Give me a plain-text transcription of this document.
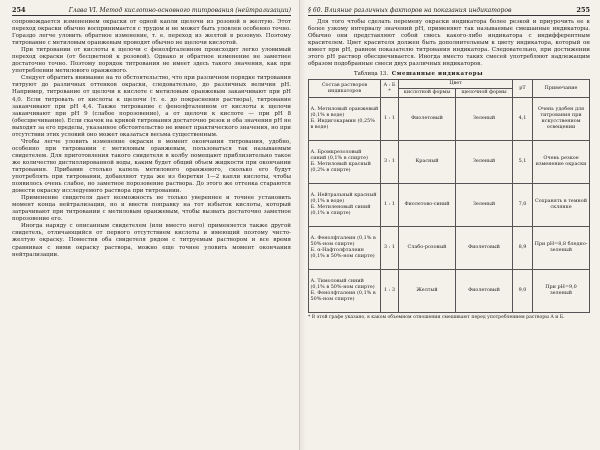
254	Глава VI. Метод кислотно-основного титрования (нейтрализации)

сопровождается изменением окраски от одной капли щелочи из розовой в желтую. Этот переход окраски обычно воспринимается с трудом и не может быть уловлен особенно точно. Гораздо легче уловить обратное изменение, т. е. переход из желтой в розовую. Поэтому титрование с метиловым оранжевым проводят обычно не щелочи кислотой.

При титровании от кислоты к щелочи с фенолфталеином происходит легко уловимый переход окраски (от бесцветной к розовой). Однако и обратное изменение не заметнее достаточно точно. Поэтому порядок титрования не имеет здесь такого значения, как при употреблении метилового оранжевого.

Следует обратить внимание на то обстоятельство, что при различном порядке титрования титруют до различных оттенков окраски, следовательно, до различных величин pH. Например, титрование от щелочи к кислоте с метиловым оранжевым заканчивают при pH 4,0. Если титровать от кислоты к щелочи (т. е. до покраснения раствора), титрование заканчивают при pH 4,4. Также титрование с фенолфталеином от кислоты к щелочи заканчивают при pH 9 (слабое порозовение), а от щелочи к кислоте — при pH 8 (обесцвечивание). Если скачок на кривой титрования достаточно резок и оба значения pH не выходят за его пределы, указанное обстоятельство не имеет практического значения, но при отсутствии этих условий оно может оказаться весьма существенным.

Чтобы легче уловить изменение окраски в момент окончания титрования, удобно, особенно при титровании с метиловым оранжевым, пользоваться так называемым свидетелем. Для приготовления такого свидетеля в колбу помещают приблизительно такое же количество дистиллированной воды, каким будет общий объем жидкости при окончании титрования. Прибавив столько капель метилового оранжевого, сколько его будут употреблять при титровании, добавляют туда же из бюретки 1—2 капли кислоты, чтобы появилось очень слабое, но заметное порозовение раствора. До этого же оттенка стараются довести окраску исследуемого раствора при титровании.

Применение свидетеля дает возможность не только увереннее и точнее установить момент конца нейтрализации, но и ввести поправку на тот избыток кислоты, который затрачивают при титровании с метиловым оранжевым, чтобы вызвать достаточно заметное порозовение его.

Иногда наряду с описанным свидетелем (или вместо него) применяется также другой свидетель, отличающийся от первого отсутствием кислоты и имеющий поэтому чисто-желтую окраску. Поместив оба свидетеля рядом с титруемым раствором и все время сравнивая с ними окраску раствора, можно еще точнее уловить момент окончания нейтрализации.

§ 60. Влияние различных факторов на показания индикаторов	255

Для того чтобы сделать перемену окраски индикатора более резкой и приурочить ее к более узкому интервалу значений pH, применяют так называемые смешанные индикаторы. Обычно они представляют собой смесь какого-либо индикатора с индифферентным красителем. Цвет красителя должен быть дополнительным к цвету индикатора, который он имеет при pH, равном показателю титрования индикатора. Следовательно, при достижении этого pH раствор обесцвечивается. Иногда вместо таких смесей употребляют надлежащим образом подобранные смеси двух различных индикаторов.

Таблица 13. Смешанные индикаторы
Состав растворов индикаторов	А : Б *	Цвет		pT	Примечание
		кислотной формы	щелочной формы		

А. Метиловый оранжевый (0,1% в воде)
Б. Индигокармин (0,25% в воде)	1 : 1	Фиолетовый	Зеленый	4,1	Очень удобен для титрования при искусственном освещении

А. Бромкрезоловый синий (0,1% в спирте)
Б. Метиловый красный (0,2% в спирте)	3 : 1	Красный	Зеленый	5,1	Очень резкое изменение окраски

А. Нейтральный красный (0,1% в воде)
Б. Метиленовый синий (0,1% в спирте)	1 : 1	Фиолетово-синий	Зеленый	7,0	Сохранять в темной склянке

А. Фенолфталеин (0,1% в 50%-ном спирте)
Б. α-Нафтолфталеин (0,1% в 50%-ном спирте)	3 : 1	Слабо-розовый	Фиолетовый	8,9	При pH=8,8 бледно-зеленый

А. Тимоловый синий (0,1% в 50%-ном спирте)
Б. Фенолфталеин (0,1% в 50%-ном спирте)	1 : 3	Желтый	Фиолетовый	9,0	При pH=9,0 зеленый
* В этой графе указано, в каком объемном отношении смешивают перед употреблением растворы А и Б.
